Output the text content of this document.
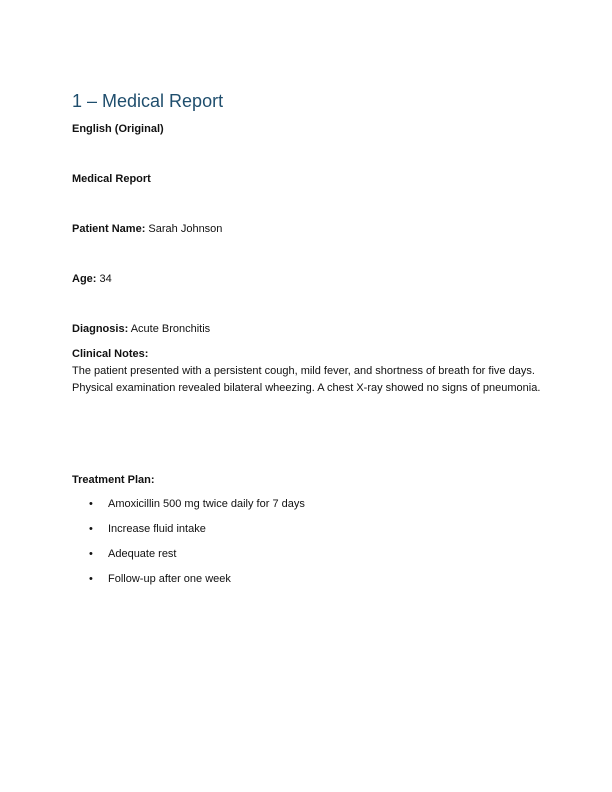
1 – Medical Report
English (Original)
Medical Report
Patient Name: Sarah Johnson
Age: 34
Diagnosis: Acute Bronchitis
Clinical Notes:
The patient presented with a persistent cough, mild fever, and shortness of breath for five days. Physical examination revealed bilateral wheezing. A chest X-ray showed no signs of pneumonia.
Treatment Plan:
• Amoxicillin 500 mg twice daily for 7 days
• Increase fluid intake
• Adequate rest
• Follow-up after one week
